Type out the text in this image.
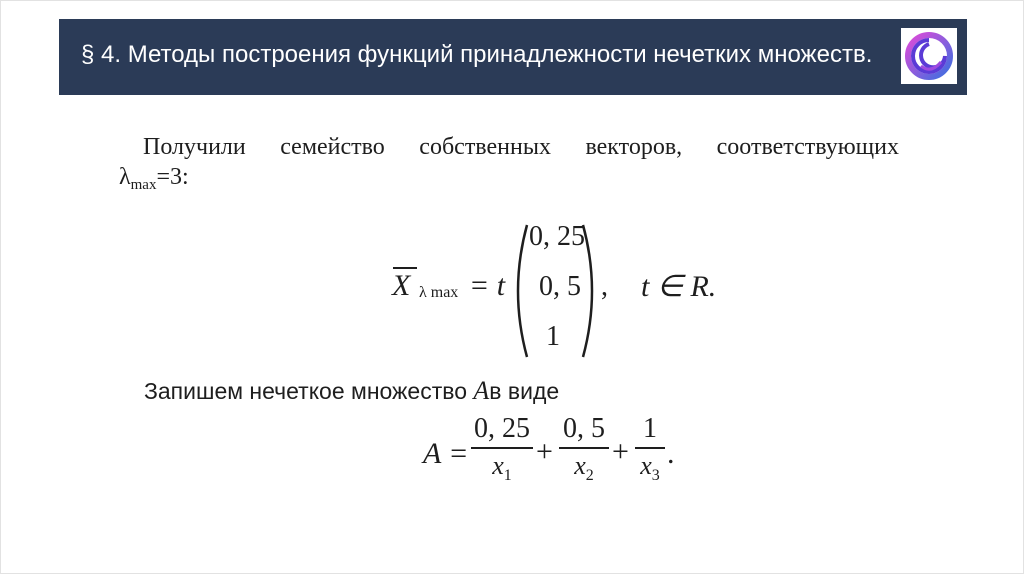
§ 4. Методы построения функций принадлежности нечетких множеств.
Получили семейство собственных векторов, соответствующих
$\lambda_{max}=3$:
X λ max = t
0, 25
0, 5
1
, t ∈ R.
Запишем нечеткое множество Aв виде
A =
0, 25
$x_1$
+
0, 5
$x_2$
+
1
$x_3$
.
